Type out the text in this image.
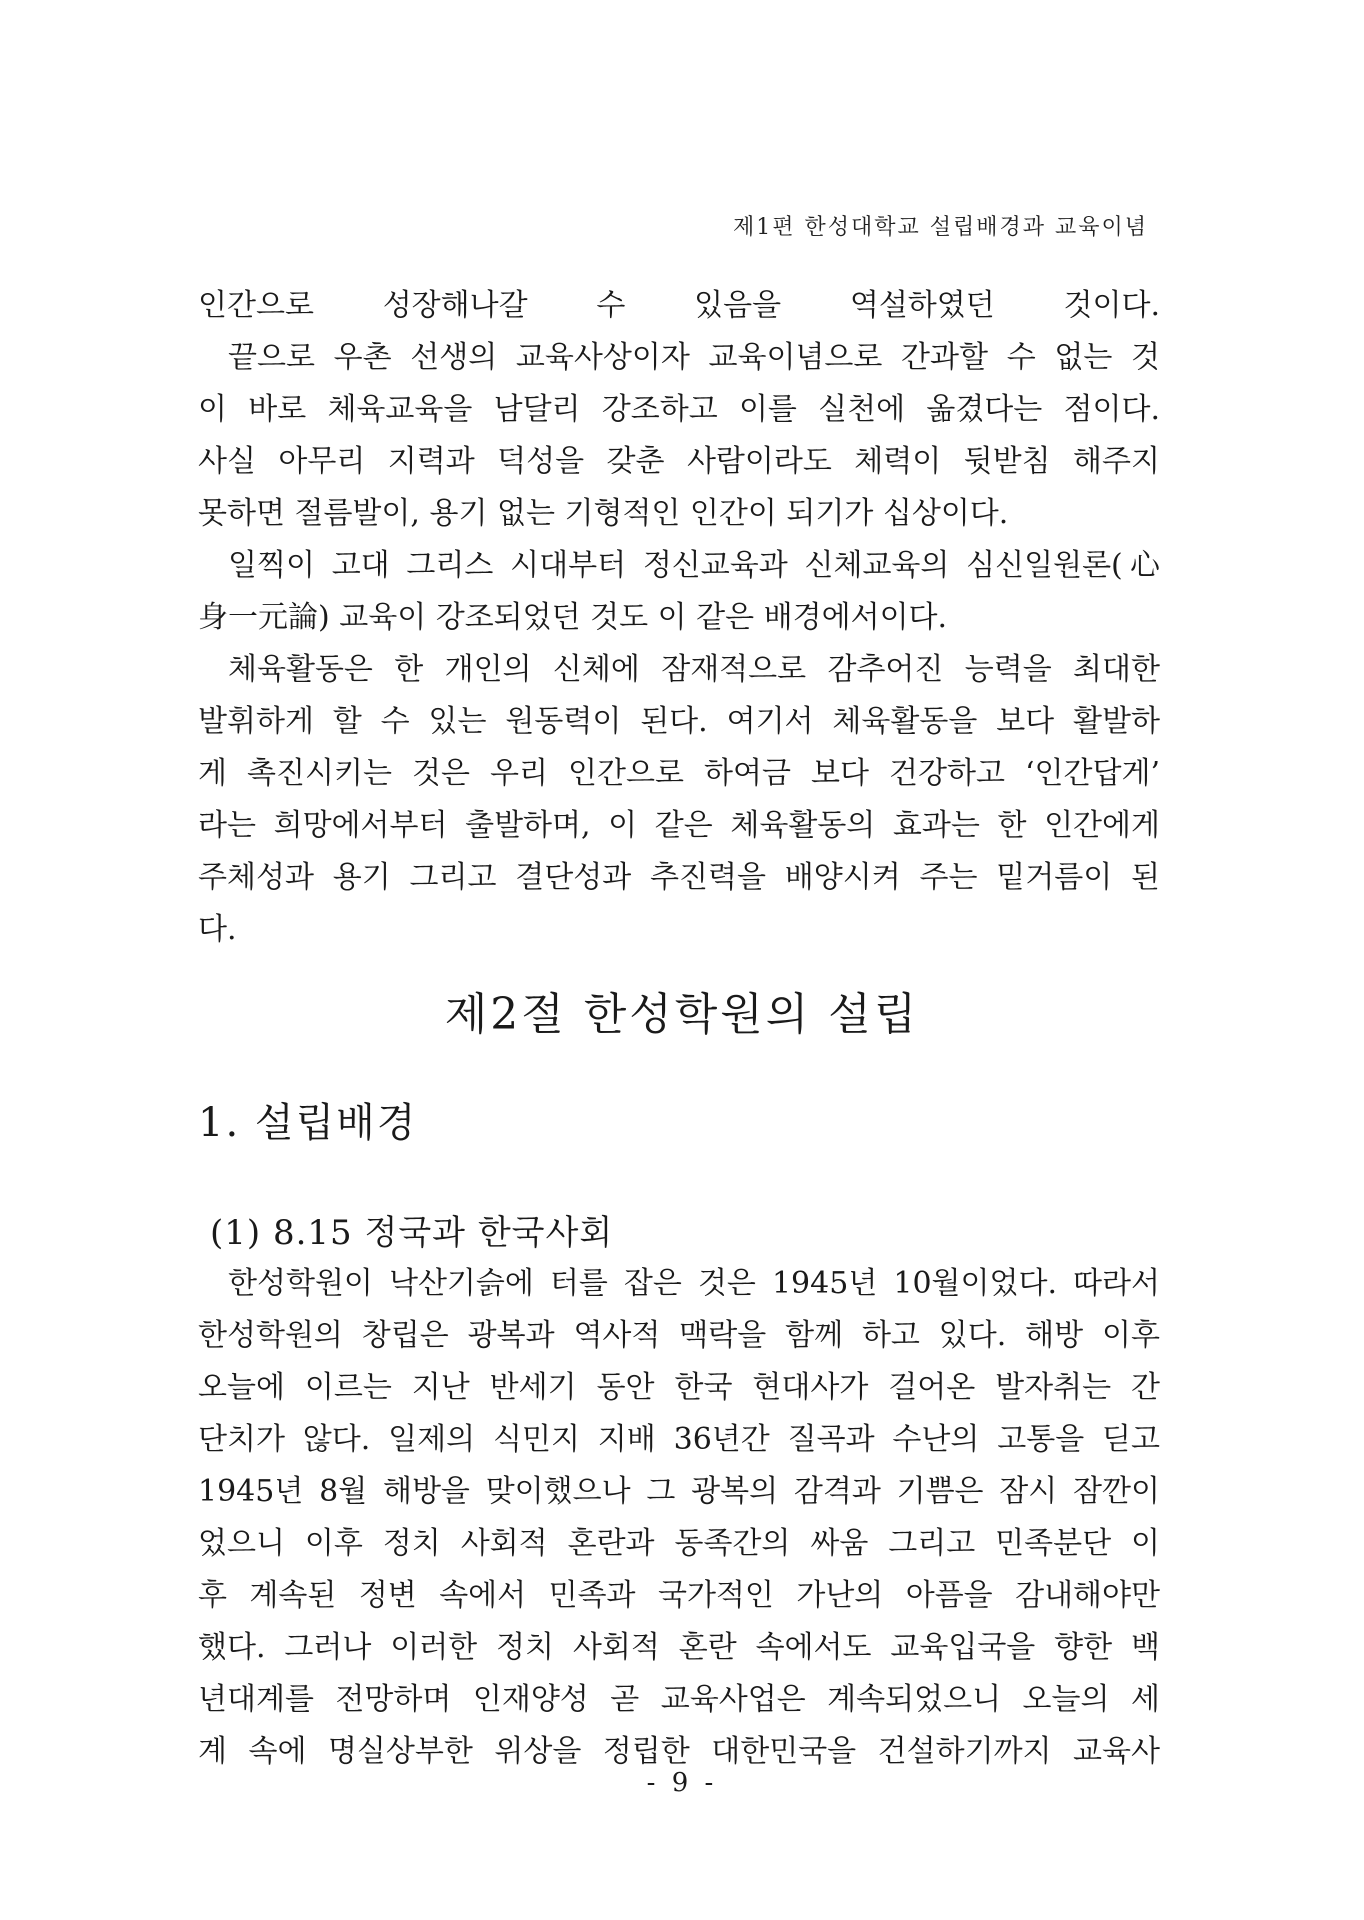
제1편 한성대학교 설립배경과 교육이념
인간으로 성장해나갈 수 있음을 역설하였던 것이다.
끝으로 우촌 선생의 교육사상이자 교육이념으로 간과할 수 없는 것
이 바로 체육교육을 남달리 강조하고 이를 실천에 옮겼다는 점이다.
사실 아무리 지력과 덕성을 갖춘 사람이라도 체력이 뒷받침 해주지
못하면 절름발이, 용기 없는 기형적인 인간이 되기가 십상이다.
일찍이 고대 그리스 시대부터 정신교육과 신체교육의 심신일원론(心
身一元論) 교육이 강조되었던 것도 이 같은 배경에서이다.
체육활동은 한 개인의 신체에 잠재적으로 감추어진 능력을 최대한
발휘하게 할 수 있는 원동력이 된다. 여기서 체육활동을 보다 활발하
게 촉진시키는 것은 우리 인간으로 하여금 보다 건강하고 ‘인간답게’
라는 희망에서부터 출발하며, 이 같은 체육활동의 효과는 한 인간에게
주체성과 용기 그리고 결단성과 추진력을 배양시켜 주는 밑거름이 된
다.
제2절 한성학원의 설립
1. 설립배경
(1) 8.15 정국과 한국사회
한성학원이 낙산기슭에 터를 잡은 것은 1945년 10월이었다. 따라서
한성학원의 창립은 광복과 역사적 맥락을 함께 하고 있다. 해방 이후
오늘에 이르는 지난 반세기 동안 한국 현대사가 걸어온 발자취는 간
단치가 않다. 일제의 식민지 지배 36년간 질곡과 수난의 고통을 딛고
1945년 8월 해방을 맞이했으나 그 광복의 감격과 기쁨은 잠시 잠깐이
었으니 이후 정치 사회적 혼란과 동족간의 싸움 그리고 민족분단 이
후 계속된 정변 속에서 민족과 국가적인 가난의 아픔을 감내해야만
했다. 그러나 이러한 정치 사회적 혼란 속에서도 교육입국을 향한 백
년대계를 전망하며 인재양성 곧 교육사업은 계속되었으니 오늘의 세
계 속에 명실상부한 위상을 정립한 대한민국을 건설하기까지 교육사
- 9 -
